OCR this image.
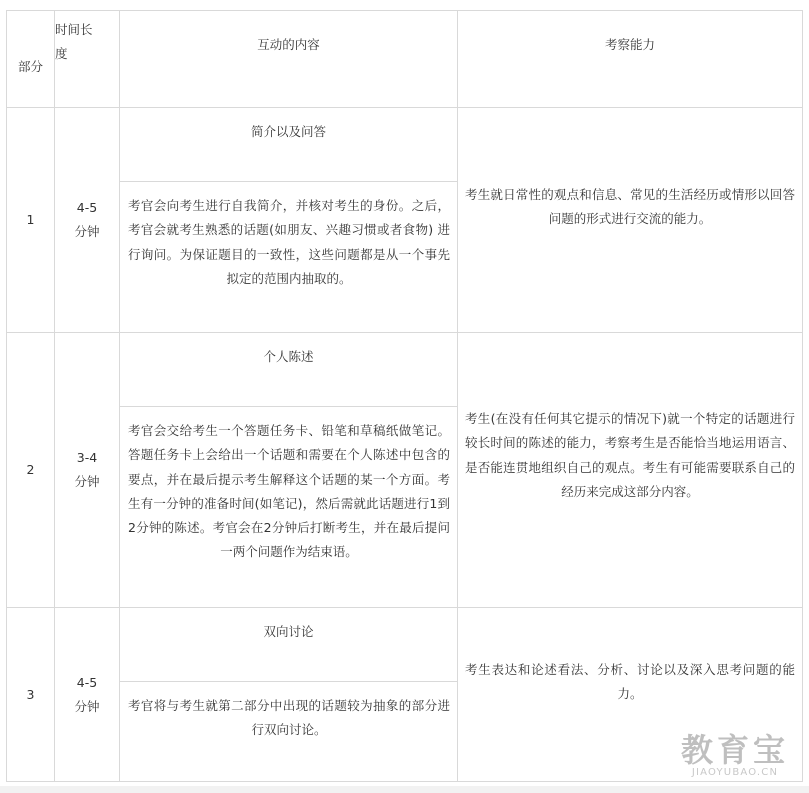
部分
时间长
度
互动的内容	考察能力
1
4-5
分钟
简介以及问答
考官会向考生进行自我简介，并核对考生的身份。之后，考官会就考生熟悉的话题(如朋友、兴趣习惯或者食物) 进行询问。为保证题目的一致性，这些问题都是从一个事先拟定的范围内抽取的。
考生就日常性的观点和信息、常见的生活经历或情形以回答问题的形式进行交流的能力。
2
3-4
分钟
个人陈述
考官会交给考生一个答题任务卡、铅笔和草稿纸做笔记。答题任务卡上会给出一个话题和需要在个人陈述中包含的要点，并在最后提示考生解释这个话题的某一个方面。考生有一分钟的准备时间(如笔记)，然后需就此话题进行1到2分钟的陈述。考官会在2分钟后打断考生，并在最后提问一两个问题作为结束语。
考生(在没有任何其它提示的情况下)就一个特定的话题进行较长时间的陈述的能力，考察考生是否能恰当地运用语言、是否能连贯地组织自己的观点。考生有可能需要联系自己的经历来完成这部分内容。
3
4-5
分钟
双向讨论
考官将与考生就第二部分中出现的话题较为抽象的部分进行双向讨论。
考生表达和论述看法、分析、讨论以及深入思考问题的能力。
教育宝
JIAOYUBAO.CN
